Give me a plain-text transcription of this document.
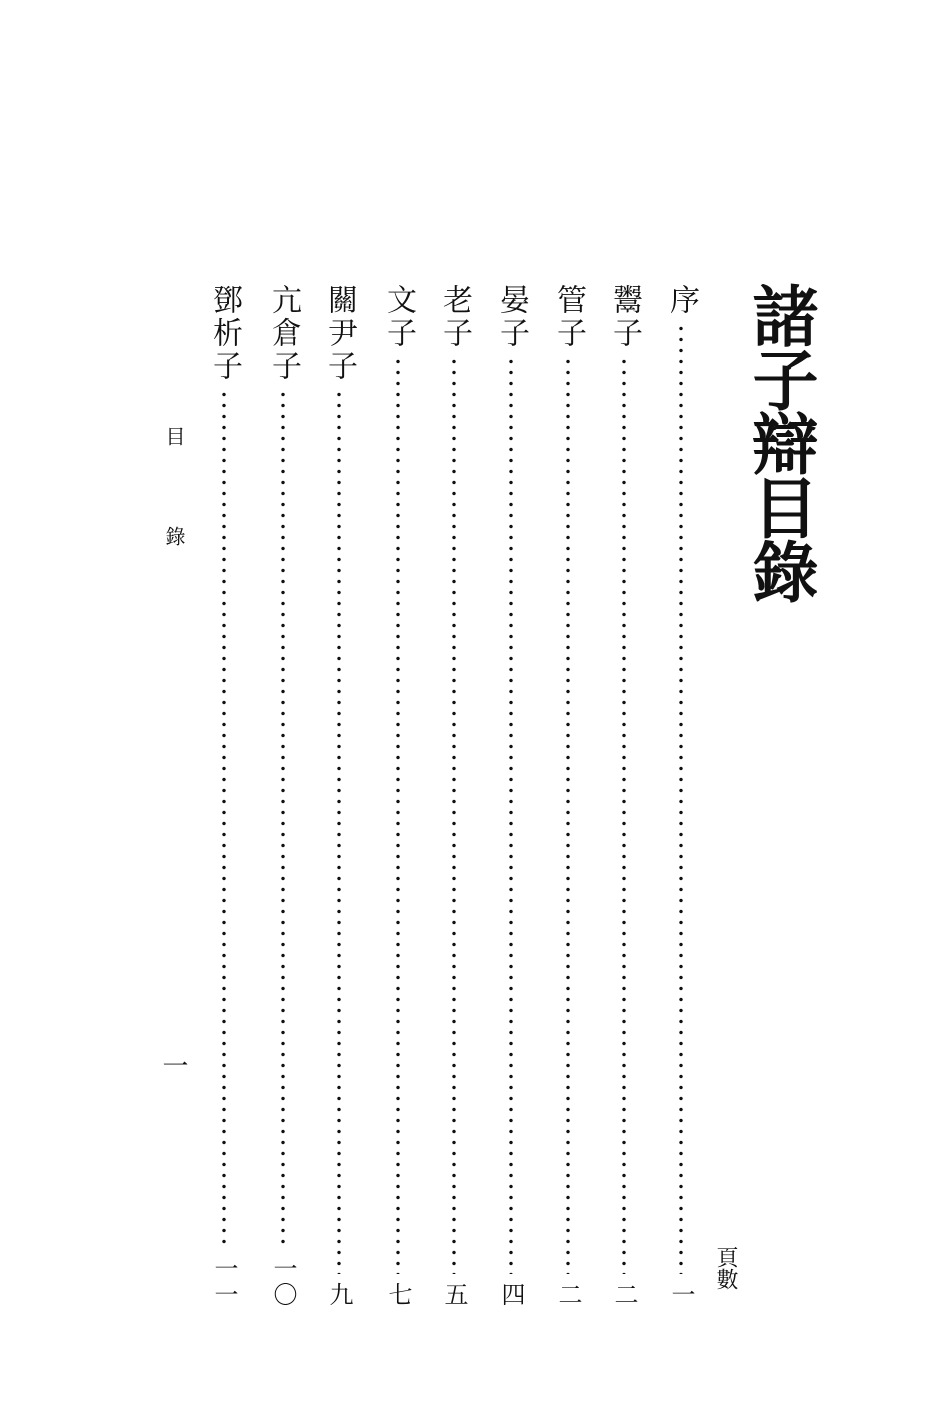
諸子辯目錄
頁數
序
一
鬻子
二
管子
二
晏子
四
老子
五
文子
七
關尹子
九
亢倉子
一〇
鄧析子
一一
目錄
一
